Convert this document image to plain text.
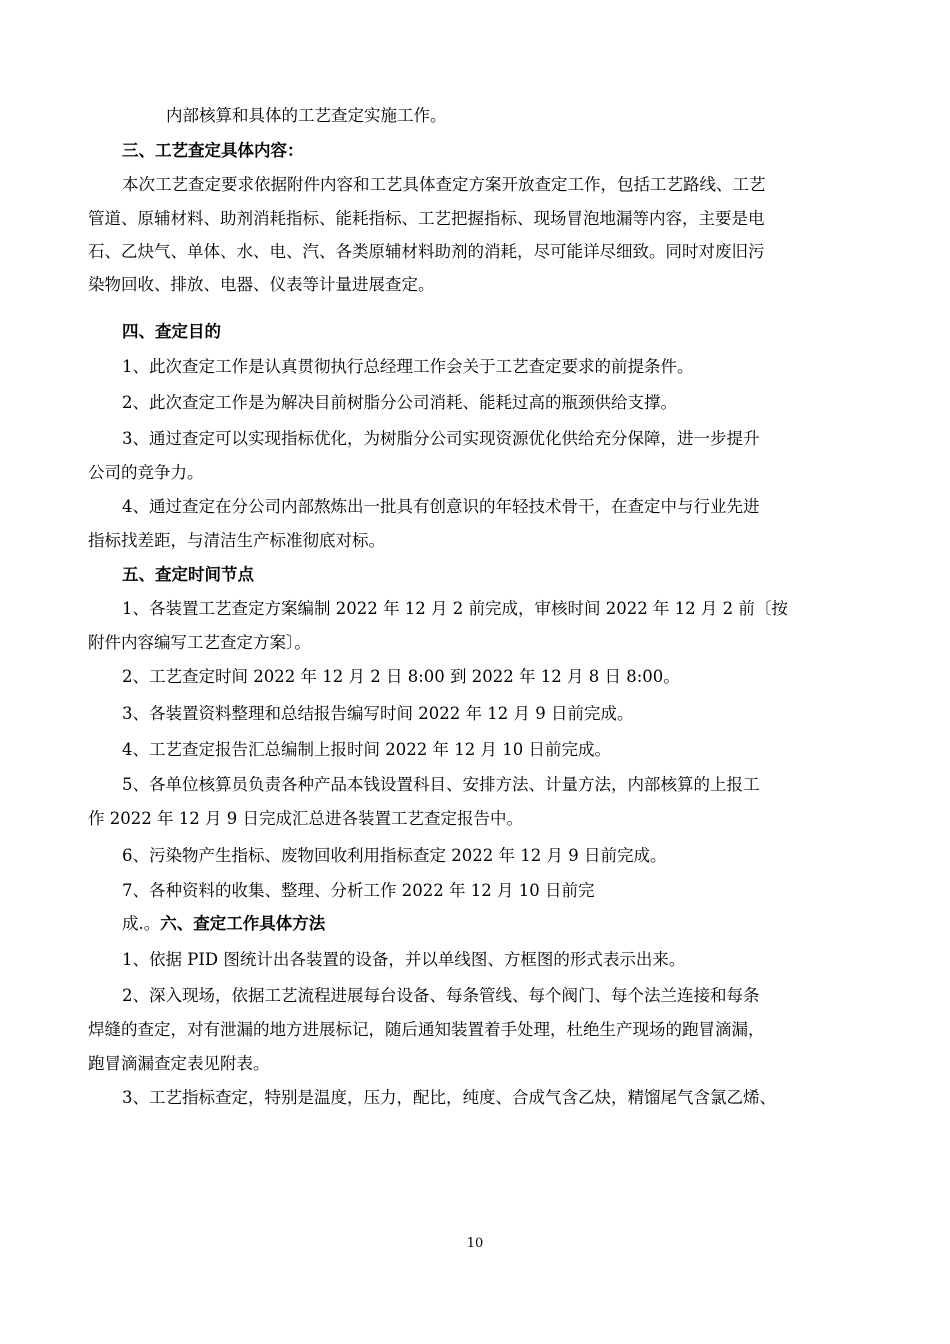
内部核算和具体的工艺查定实施工作。
三、工艺查定具体内容：
本次工艺查定要求依据附件内容和工艺具体查定方案开放查定工作，包括工艺路线、工艺
管道、原辅材料、助剂消耗指标、能耗指标、工艺把握指标、现场冒泡地漏等内容，主要是电
石、乙炔气、单体、水、电、汽、各类原辅材料助剂的消耗，尽可能详尽细致。同时对废旧污
染物回收、排放、电器、仪表等计量进展查定。
四、查定目的
1、此次查定工作是认真贯彻执行总经理工作会关于工艺查定要求的前提条件。
2、此次查定工作是为解决目前树脂分公司消耗、能耗过高的瓶颈供给支撑。
3、通过查定可以实现指标优化，为树脂分公司实现资源优化供给充分保障，进一步提升
公司的竞争力。
4、通过查定在分公司内部熬炼出一批具有创意识的年轻技术骨干，在查定中与行业先进
指标找差距，与清洁生产标准彻底对标。
五、查定时间节点
1、各装置工艺查定方案编制 2022 年 12 月 2 前完成，审核时间 2022 年 12 月 2 前〔按
附件内容编写工艺查定方案〕。
2、工艺查定时间 2022 年 12 月 2 日 8:00 到 2022 年 12 月 8 日 8:00。
3、各装置资料整理和总结报告编写时间 2022 年 12 月 9 日前完成。
4、工艺查定报告汇总编制上报时间 2022 年 12 月 10 日前完成。
5、各单位核算员负责各种产品本钱设置科目、安排方法、计量方法，内部核算的上报工
作 2022 年 12 月 9 日完成汇总进各装置工艺查定报告中。
6、污染物产生指标、废物回收利用指标查定 2022 年 12 月 9 日前完成。
7、各种资料的收集、整理、分析工作 2022 年 12 月 10 日前完
成.。六、查定工作具体方法
1、依据 PID 图统计出各装置的设备，并以单线图、方框图的形式表示出来。
2、深入现场，依据工艺流程进展每台设备、每条管线、每个阀门、每个法兰连接和每条
焊缝的查定，对有泄漏的地方进展标记，随后通知装置着手处理，杜绝生产现场的跑冒滴漏，
跑冒滴漏查定表见附表。
3、工艺指标查定，特别是温度，压力，配比，纯度、合成气含乙炔，精馏尾气含氯乙烯、
10
